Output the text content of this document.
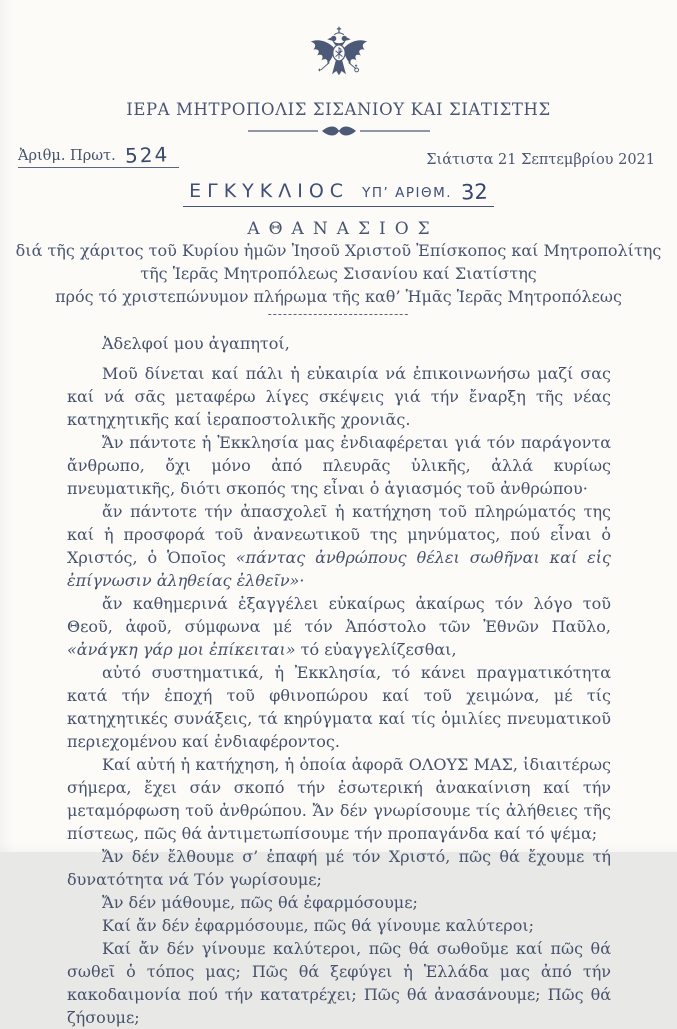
ΙΕΡΑ ΜΗΤΡΟΠΟΛΙΣ ΣΙΣΑΝΙΟΥ ΚΑΙ ΣΙΑΤΙΣΤΗΣ
Ἀριθμ. Πρωτ. 524	Σιάτιστα 21 Σεπτεμβρίου 2021
ΕΓΚΥΚΛΙΟC ΥΠ’ ΑΡΙΘΜ. 32
ΑΘΑΝΑΣΙΟΣ
διά τῆς χάριτος τοῦ Κυρίου ἡμῶν Ἰησοῦ Χριστοῦ Ἐπίσκοπος καί Μητροπολίτης
τῆς Ἱερᾶς Μητροπόλεως Σισανίου καί Σιατίστης
πρός τό χριστεπώνυμον πλήρωμα τῆς καθ’ Ἡμᾶς Ἱερᾶς Μητροπόλεως
----------------------------
Ἀδελφοί μου ἀγαπητοί,

Μοῦ δίνεται καί πάλι ἡ εὐκαιρία νά ἐπικοινωνήσω μαζί σας καί νά σᾶς μεταφέρω λίγες σκέψεις γιά τήν ἔναρξη τῆς νέας κατηχητικῆς καί ἱεραποστολικῆς χρονιᾶς.

Ἄν πάντοτε ἡ Ἐκκλησία μας ἐνδιαφέρεται γιά τόν παράγοντα ἄνθρωπο, ὄχι μόνο ἀπό πλευρᾶς ὑλικῆς, ἀλλά κυρίως πνευματικῆς, διότι σκοπός της εἶναι ὁ ἁγιασμός τοῦ ἀνθρώπου·

ἄν πάντοτε τήν ἀπασχολεῖ ἡ κατήχηση τοῦ πληρώματός της καί ἡ προσφορά τοῦ ἀνανεωτικοῦ της μηνύματος, πού εἶναι ὁ Χριστός, ὁ Ὁποῖος «πάντας ἀνθρώπους θέλει σωθῆναι καί εἰς ἐπίγνωσιν ἀληθείας ἐλθεῖν»·

ἄν καθημερινά ἐξαγγέλει εὐκαίρως ἀκαίρως τόν λόγο τοῦ Θεοῦ, ἀφοῦ, σύμφωνα μέ τόν Ἀπόστολο τῶν Ἐθνῶν Παῦλο, «ἀνάγκη γάρ μοι ἐπίκειται» τό εὐαγγελίζεσθαι,

αὐτό συστηματικά, ἡ Ἐκκλησία, τό κάνει πραγματικότητα κατά τήν ἐποχή τοῦ φθινοπώρου καί τοῦ χειμώνα, μέ τίς κατηχητικές συνάξεις, τά κηρύγματα καί τίς ὁμιλίες πνευματικοῦ περιεχομένου καί ἐνδιαφέροντος.

Καί αὐτή ἡ κατήχηση, ἡ ὁποία ἀφορᾶ ΟΛΟΥΣ ΜΑΣ, ἰδιαιτέρως σήμερα, ἔχει σάν σκοπό τήν ἐσωτερική ἀνακαίνιση καί τήν μεταμόρφωση τοῦ ἀνθρώπου. Ἄν δέν γνωρίσουμε τίς ἀλήθειες τῆς πίστεως, πῶς θά ἀντιμετωπίσουμε τήν προπαγάνδα καί τό ψέμα;

Ἄν δέν ἔλθουμε σ’ ἐπαφή μέ τόν Χριστό, πῶς θά ἔχουμε τή δυνατότητα νά Τόν γωρίσουμε;

Ἄν δέν μάθουμε, πῶς θά ἐφαρμόσουμε;

Καί ἄν δέν ἐφαρμόσουμε, πῶς θά γίνουμε καλύτεροι;

Καί ἄν δέν γίνουμε καλύτεροι, πῶς θά σωθοῦμε καί πῶς θά σωθεῖ ὁ τόπος μας; Πῶς θά ξεφύγει ἡ Ἑλλάδα μας ἀπό τήν κακοδαιμονία πού τήν κατατρέχει; Πῶς θά ἀνασάνουμε; Πῶς θά ζήσουμε;
